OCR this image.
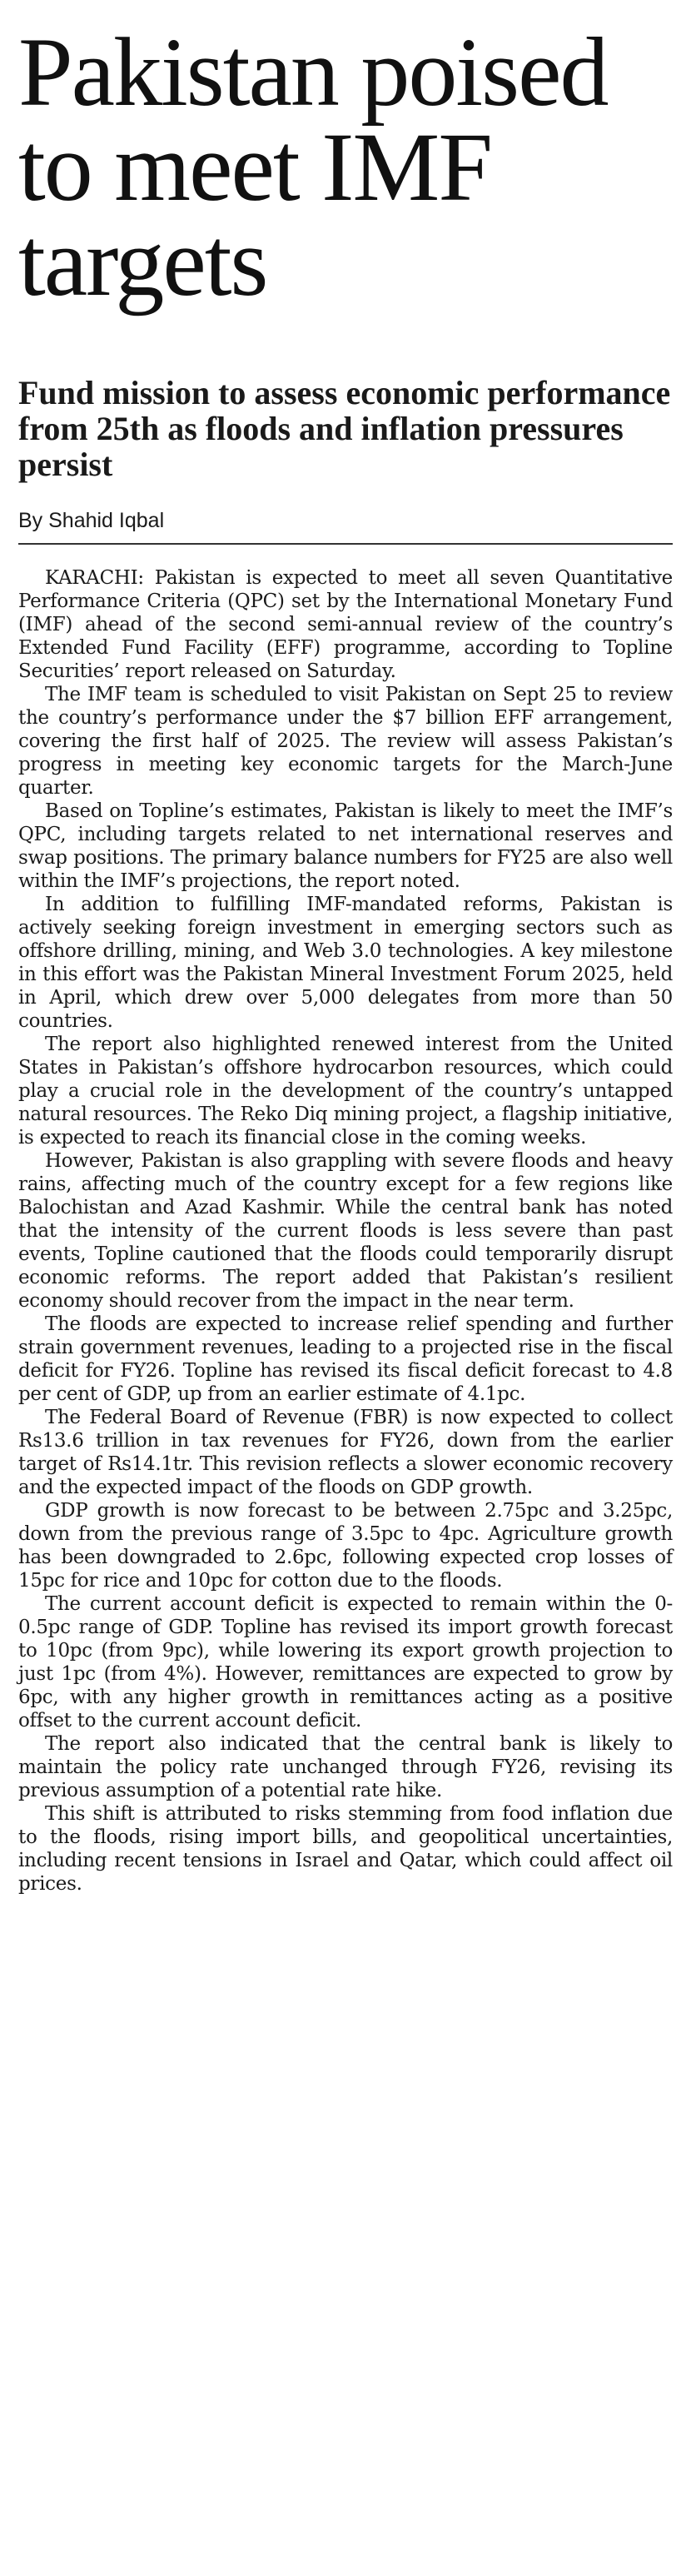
Pakistan poised to meet IMF targets
Fund mission to assess economic performance from 25th as floods and inflation pressures persist
By Shahid Iqbal

KARACHI: Pakistan is expected to meet all seven Quantitative Performance Criteria (QPC) set by the International Monetary Fund (IMF) ahead of the second semi-annual review of the country’s Extended Fund Facility (EFF) programme, according to Topline Securities’ report released on Saturday.

The IMF team is scheduled to visit Pakistan on Sept 25 to review the country’s performance under the $7 billion EFF arrangement, covering the first half of 2025. The review will assess Pakistan’s progress in meeting key economic targets for the March-June quarter.

Based on Topline’s estimates, Pakistan is likely to meet the IMF’s QPC, including targets related to net international reserves and swap positions. The primary balance numbers for FY25 are also well within the IMF’s projections, the report noted.

In addition to fulfilling IMF-mandated reforms, Pakistan is actively seeking foreign investment in emerging sectors such as offshore drilling, mining, and Web 3.0 technologies. A key milestone in this effort was the Pakistan Mineral Investment Forum 2025, held in April, which drew over 5,000 delegates from more than 50 countries.

The report also highlighted renewed interest from the United States in Pakistan’s offshore hydrocarbon resources, which could play a crucial role in the development of the country’s untapped natural resources. The Reko Diq mining project, a flagship initiative, is expected to reach its financial close in the coming weeks.

However, Pakistan is also grappling with severe floods and heavy rains, affecting much of the country except for a few regions like Balochistan and Azad Kashmir. While the central bank has noted that the intensity of the current floods is less severe than past events, Topline cautioned that the floods could temporarily disrupt economic reforms. The report added that Pakistan’s resilient economy should recover from the impact in the near term.

The floods are expected to increase relief spending and further strain government revenues, leading to a projected rise in the fiscal deficit for FY26. Topline has revised its fiscal deficit forecast to 4.8 per cent of GDP, up from an earlier estimate of 4.1pc.

The Federal Board of Revenue (FBR) is now expected to collect Rs13.6 trillion in tax revenues for FY26, down from the earlier target of Rs14.1tr. This revision reflects a slower economic recovery and the expected impact of the floods on GDP growth.

GDP growth is now forecast to be between 2.75pc and 3.25pc, down from the previous range of 3.5pc to 4pc. Agriculture growth has been downgraded to 2.6pc, following expected crop losses of 15pc for rice and 10pc for cotton due to the floods.

The current account deficit is expected to remain within the 0-0.5pc range of GDP. Topline has revised its import growth forecast to 10pc (from 9pc), while lowering its export growth projection to just 1pc (from 4%). However, remittances are expected to grow by 6pc, with any higher growth in remittances acting as a positive offset to the current account deficit.

The report also indicated that the central bank is likely to maintain the policy rate unchanged through FY26, revising its previous assumption of a potential rate hike.

This shift is attributed to risks stemming from food inflation due to the floods, rising import bills, and geopolitical uncertainties, including recent tensions in Israel and Qatar, which could affect oil prices.
